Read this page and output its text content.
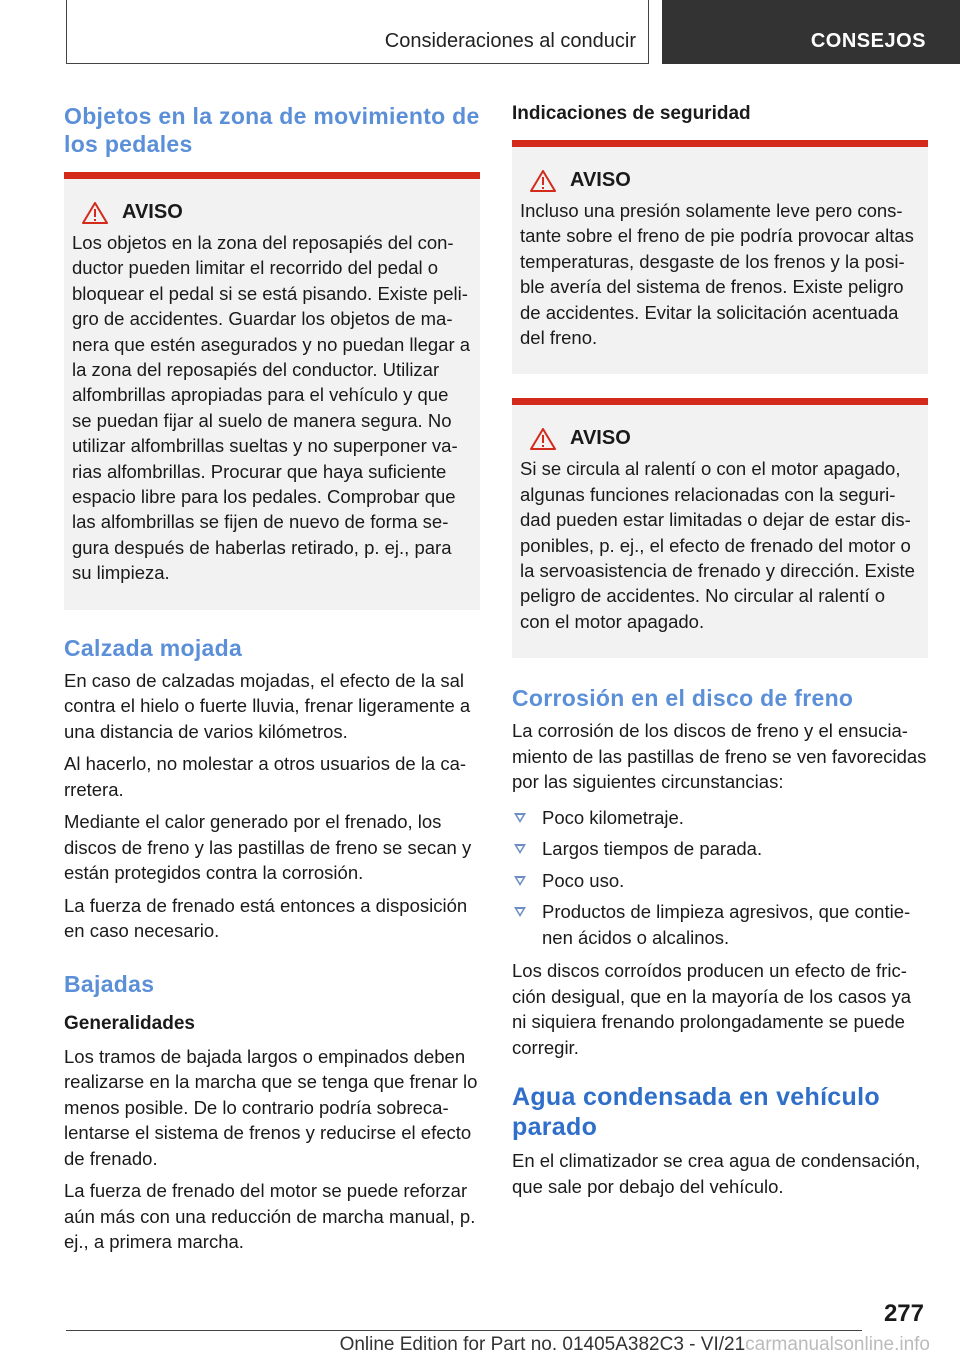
Consideraciones al conducir	CONSEJOS
Objetos en la zona de movimiento de los pedales
AVISO

Los objetos en la zona del reposapiés del conductor pueden limitar el recorrido del pedal o bloquear el pedal si se está pisando. Existe peligro de accidentes. Guardar los objetos de manera que estén asegurados y no puedan llegar a la zona del reposapiés del conductor. Utilizar alfombrillas apropiadas para el vehículo y que se puedan fijar al suelo de manera segura. No utilizar alfombrillas sueltas y no superponer varias alfombrillas. Procurar que haya suficiente espacio libre para los pedales. Comprobar que las alfombrillas se fijen de nuevo de forma segura después de haberlas retirado, p. ej., para su limpieza.

Calzada mojada

En caso de calzadas mojadas, el efecto de la sal contra el hielo o fuerte lluvia, frenar ligeramente a una distancia de varios kilómetros.

Al hacerlo, no molestar a otros usuarios de la carretera.

Mediante el calor generado por el frenado, los discos de freno y las pastillas de freno se secan y están protegidos contra la corrosión.

La fuerza de frenado está entonces a disposición en caso necesario.

Bajadas
Generalidades

Los tramos de bajada largos o empinados deben realizarse en la marcha que se tenga que frenar lo menos posible. De lo contrario podría sobrecalentarse el sistema de frenos y reducirse el efecto de frenado.

La fuerza de frenado del motor se puede reforzar aún más con una reducción de marcha manual, p. ej., a primera marcha.

Indicaciones de seguridad
AVISO

Incluso una presión solamente leve pero constante sobre el freno de pie podría provocar altas temperaturas, desgaste de los frenos y la posible avería del sistema de frenos. Existe peligro de accidentes. Evitar la solicitación acentuada del freno.

AVISO

Si se circula al ralentí o con el motor apagado, algunas funciones relacionadas con la seguridad pueden estar limitadas o dejar de estar disponibles, p. ej., el efecto de frenado del motor o la servoasistencia de frenado y dirección. Existe peligro de accidentes. No circular al ralentí o con el motor apagado.

Corrosión en el disco de freno

La corrosión de los discos de freno y el ensuciamiento de las pastillas de freno se ven favorecidas por las siguientes circunstancias:

Poco kilometraje.
Largos tiempos de parada.
Poco uso.
Productos de limpieza agresivos, que contienen ácidos o alcalinos.

Los discos corroídos producen un efecto de fricción desigual, que en la mayoría de los casos ya ni siquiera frenando prolongadamente se puede corregir.

Agua condensada en vehículo parado

En el climatizador se crea agua de condensación, que sale por debajo del vehículo.

277
Online Edition for Part no. 01405A382C3 - VI/21carmanualsonline.info
